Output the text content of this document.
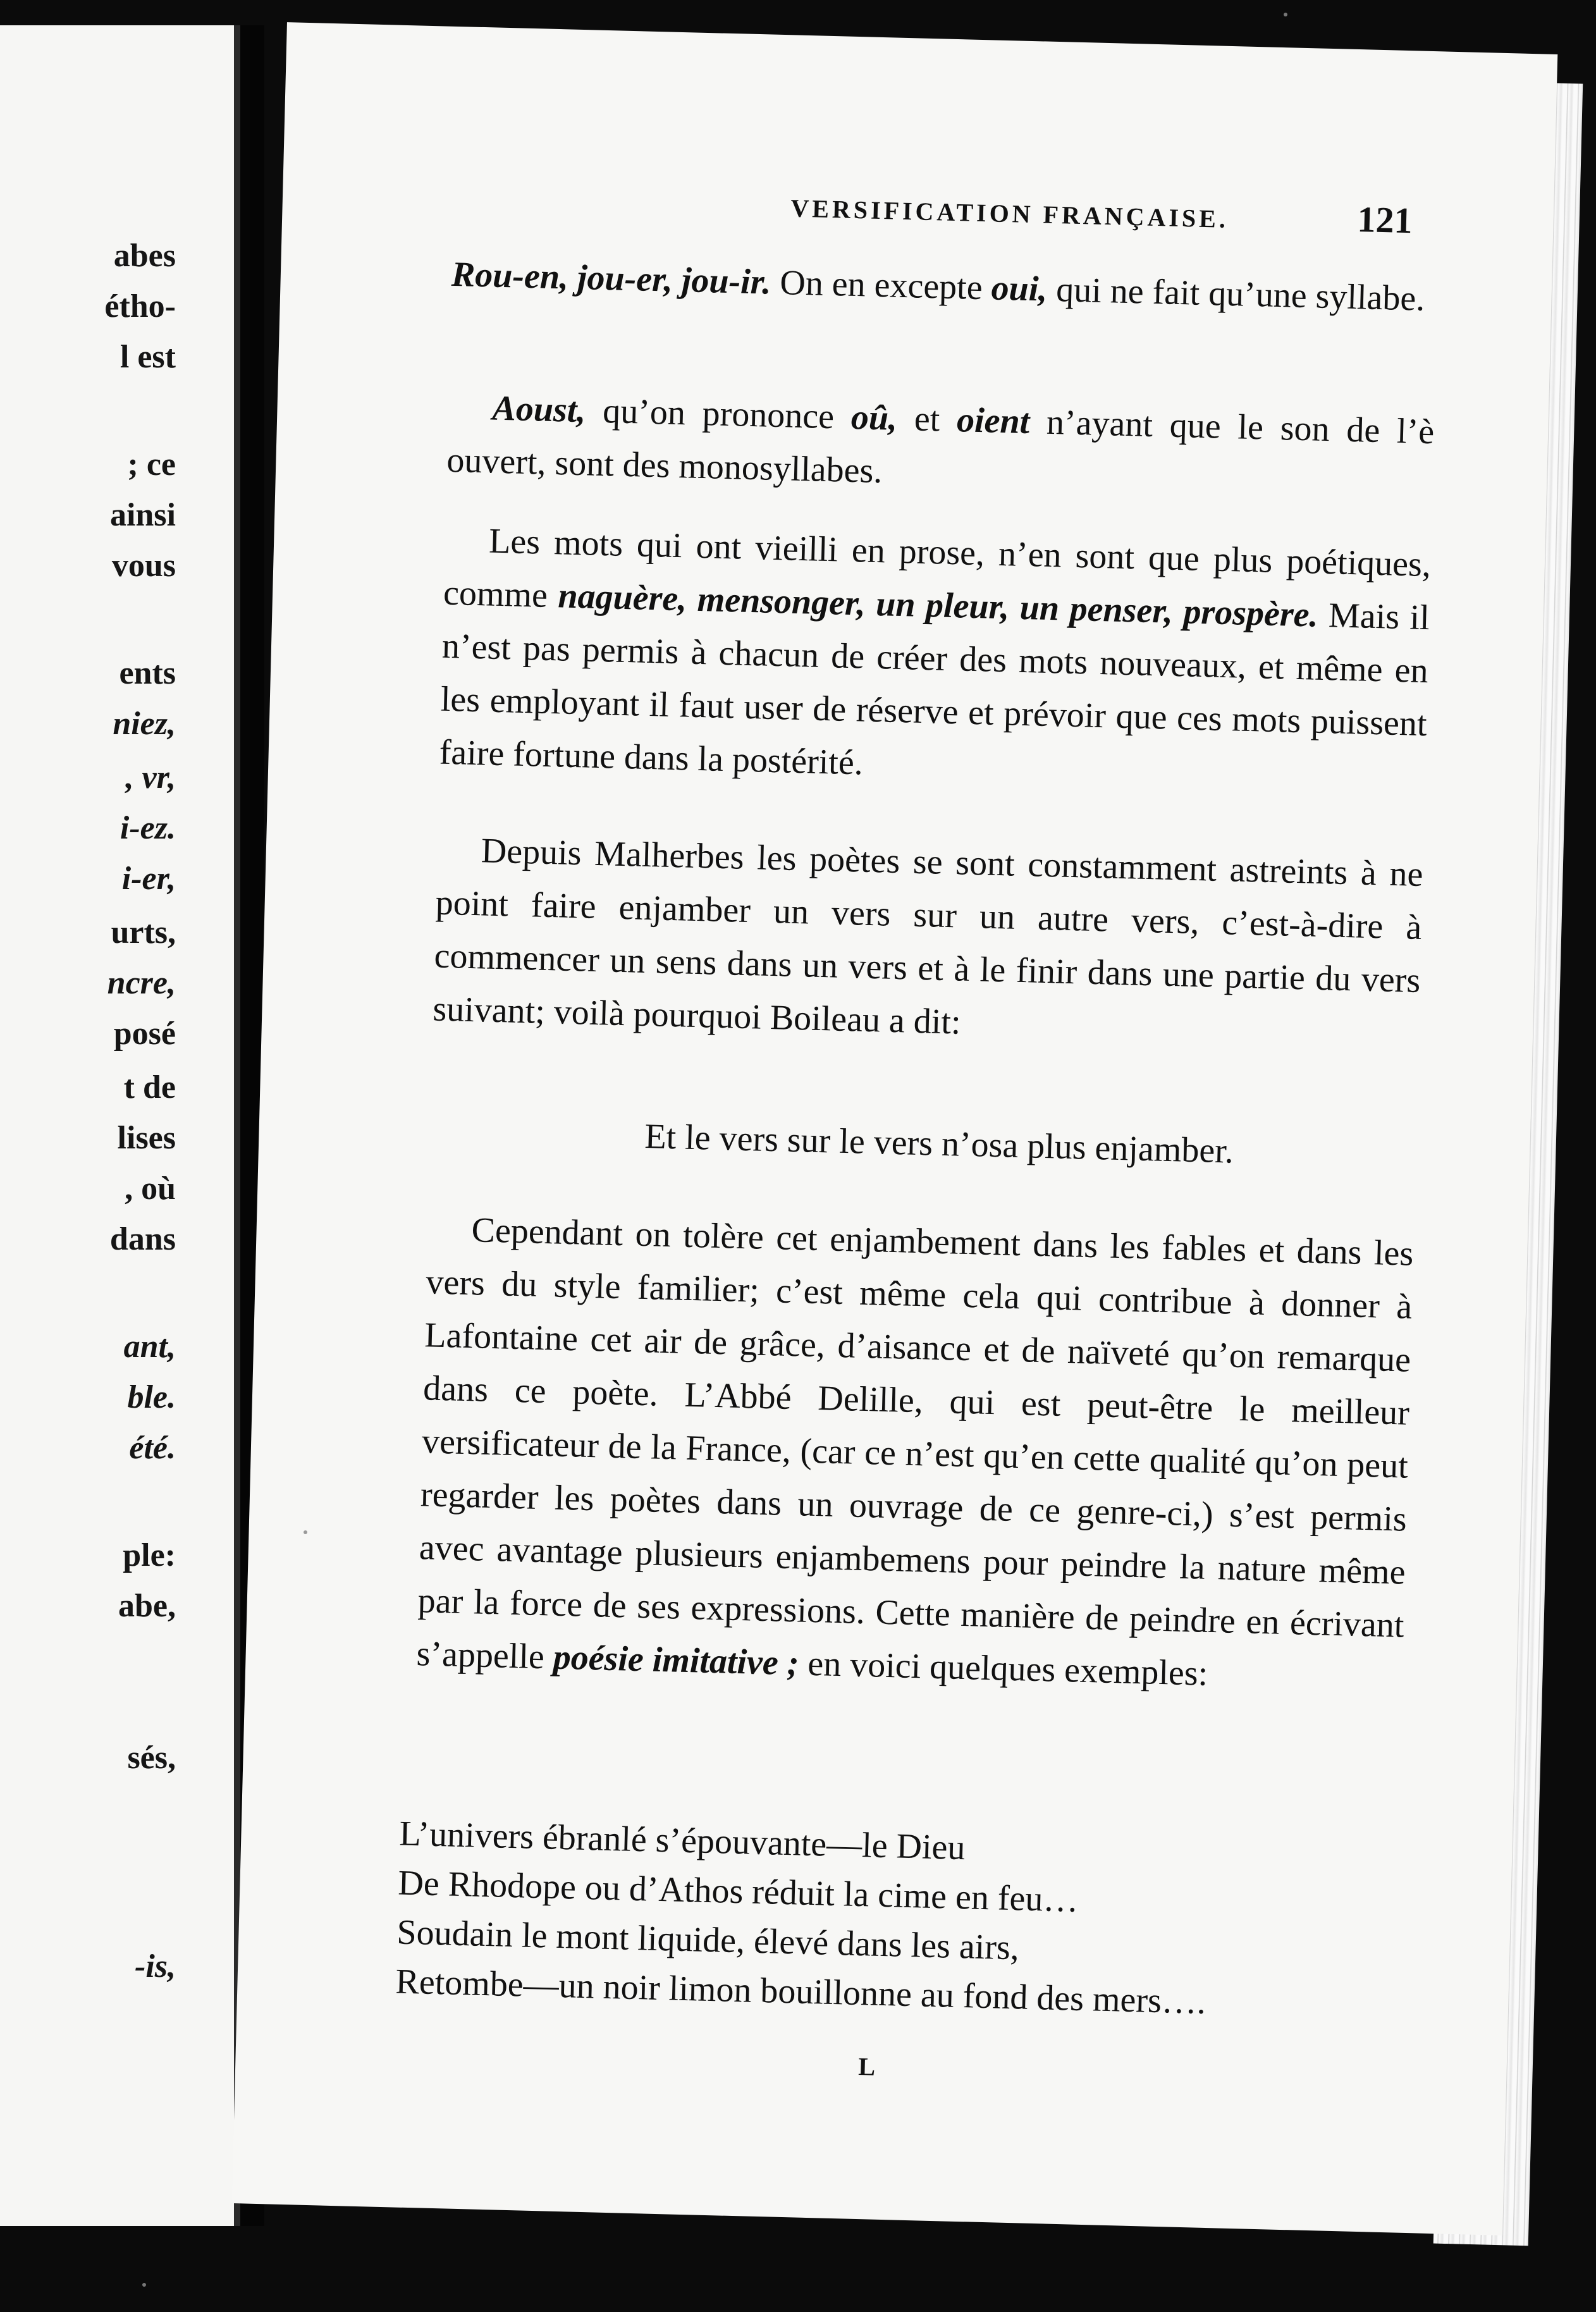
abes
étho-
l est
; ce
ainsi
vous
ents
niez,
, vr,
i-ez.
i-er,
urts,
ncre,
posé
t de
lises
, où
dans
ant,
ble.
été.
ple:
abe,
sés,
-is,
VERSIFICATION FRANÇAISE.	121
Rou-en, jou-er, jou-ir. On en excepte oui, qui ne fait qu’une syllabe.
Aoust, qu’on prononce oû, et oient n’ayant que le son de l’è ouvert, sont des monosyllabes.
Les mots qui ont vieilli en prose, n’en sont que plus poétiques, comme naguère, mensonger, un pleur, un penser, prospère. Mais il n’est pas permis à chacun de créer des mots nouveaux, et même en les employant il faut user de réserve et prévoir que ces mots puissent faire fortune dans la postérité.
Depuis Malherbes les poètes se sont constamment astreints à ne point faire enjamber un vers sur un autre vers, c’est-à-dire à commencer un sens dans un vers et à le finir dans une partie du vers suivant; voilà pourquoi Boileau a dit:
Et le vers sur le vers n’osa plus enjamber.
Cependant on tolère cet enjambement dans les fables et dans les vers du style familier; c’est même cela qui contribue à donner à Lafontaine cet air de grâce, d’aisance et de naïveté qu’on remarque dans ce poète. L’Abbé Delille, qui est peut-être le meilleur versificateur de la France, (car ce n’est qu’en cette qualité qu’on peut regarder les poètes dans un ouvrage de ce genre-ci,) s’est permis avec avantage plusieurs enjambemens pour peindre la nature même par la force de ses expressions. Cette manière de peindre en écrivant s’appelle poésie imitative ; en voici quelques exemples:
L’univers ébranlé s’épouvante—le Dieu
De Rhodope ou d’Athos réduit la cime en feu…
Soudain le mont liquide, élevé dans les airs,
Retombe—un noir limon bouillonne au fond des mers….
L
